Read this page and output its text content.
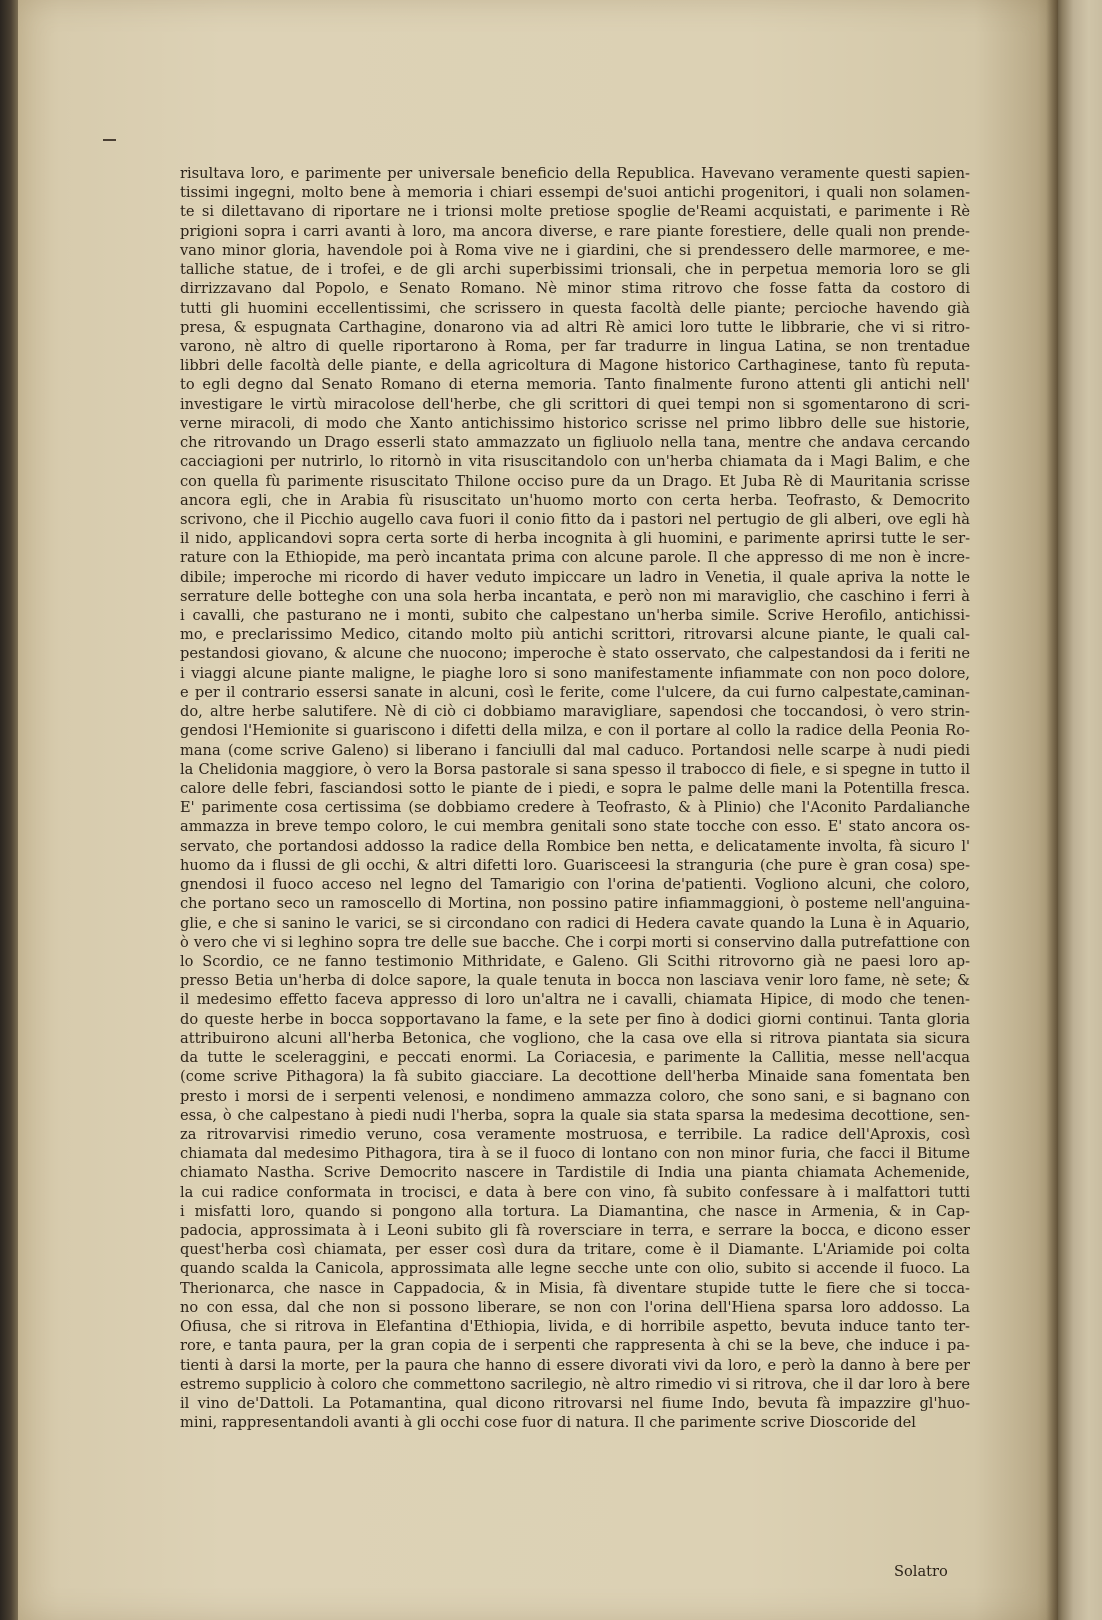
risultava loro, e parimente per universale beneficio della Republica. Havevano veramente questi sapien-
tissimi ingegni, molto bene à memoria i chiari essempi de'suoi antichi progenitori, i quali non solamen-
te si dilettavano di riportare ne i trionsi molte pretiose spoglie de'Reami acquistati, e parimente i Rè
prigioni sopra i carri avanti à loro, ma ancora diverse, e rare piante forestiere, delle quali non prende-
vano minor gloria, havendole poi à Roma vive ne i giardini, che si prendessero delle marmoree, e me-
talliche statue, de i trofei, e de gli archi superbissimi trionsali, che in perpetua memoria loro se gli
dirrizzavano dal Popolo, e Senato Romano. Nè minor stima ritrovo che fosse fatta da costoro di
tutti gli huomini eccellentissimi, che scrissero in questa facoltà delle piante; percioche havendo già
presa, & espugnata Carthagine, donarono via ad altri Rè amici loro tutte le libbrarie, che vi si ritro-
varono, nè altro di quelle riportarono à Roma, per far tradurre in lingua Latina, se non trentadue
libbri delle facoltà delle piante, e della agricoltura di Magone historico Carthaginese, tanto fù reputa-
to egli degno dal Senato Romano di eterna memoria. Tanto finalmente furono attenti gli antichi nell'
investigare le virtù miracolose dell'herbe, che gli scrittori di quei tempi non si sgomentarono di scri-
verne miracoli, di modo che Xanto antichissimo historico scrisse nel primo libbro delle sue historie,
che ritrovando un Drago esserli stato ammazzato un figliuolo nella tana, mentre che andava cercando
cacciagioni per nutrirlo, lo ritornò in vita risuscitandolo con un'herba chiamata da i Magi Balim, e che
con quella fù parimente risuscitato Thilone occiso pure da un Drago. Et Juba Rè di Mauritania scrisse
ancora egli, che in Arabia fù risuscitato un'huomo morto con certa herba. Teofrasto, & Democrito
scrivono, che il Picchio augello cava fuori il conio fitto da i pastori nel pertugio de gli alberi, ove egli hà
il nido, applicandovi sopra certa sorte di herba incognita à gli huomini, e parimente aprirsi tutte le ser-
rature con la Ethiopide, ma però incantata prima con alcune parole. Il che appresso di me non è incre-
dibile; imperoche mi ricordo di haver veduto impiccare un ladro in Venetia, il quale apriva la notte le
serrature delle botteghe con una sola herba incantata, e però non mi maraviglio, che caschino i ferri à
i cavalli, che pasturano ne i monti, subito che calpestano un'herba simile. Scrive Herofilo, antichissi-
mo, e preclarissimo Medico, citando molto più antichi scrittori, ritrovarsi alcune piante, le quali cal-
pestandosi giovano, & alcune che nuocono; imperoche è stato osservato, che calpestandosi da i feriti ne
i viaggi alcune piante maligne, le piaghe loro si sono manifestamente infiammate con non poco dolore,
e per il contrario essersi sanate in alcuni, così le ferite, come l'ulcere, da cui furno calpestate,caminan-
do, altre herbe salutifere. Nè di ciò ci dobbiamo maravigliare, sapendosi che toccandosi, ò vero strin-
gendosi l'Hemionite si guariscono i difetti della milza, e con il portare al collo la radice della Peonia Ro-
mana (come scrive Galeno) si liberano i fanciulli dal mal caduco. Portandosi nelle scarpe à nudi piedi
la Chelidonia maggiore, ò vero la Borsa pastorale si sana spesso il trabocco di fiele, e si spegne in tutto il
calore delle febri, fasciandosi sotto le piante de i piedi, e sopra le palme delle mani la Potentilla fresca.
E' parimente cosa certissima (se dobbiamo credere à Teofrasto, & à Plinio) che l'Aconito Pardalianche
ammazza in breve tempo coloro, le cui membra genitali sono state tocche con esso. E' stato ancora os-
servato, che portandosi addosso la radice della Rombice ben netta, e delicatamente involta, fà sicuro l'
huomo da i flussi de gli occhi, & altri difetti loro. Guarisceesi la stranguria (che pure è gran cosa) spe-
gnendosi il fuoco acceso nel legno del Tamarigio con l'orina de'patienti. Vogliono alcuni, che coloro,
che portano seco un ramoscello di Mortina, non possino patire infiammaggioni, ò posteme nell'anguina-
glie, e che si sanino le varici, se si circondano con radici di Hedera cavate quando la Luna è in Aquario,
ò vero che vi si leghino sopra tre delle sue bacche. Che i corpi morti si conservino dalla putrefattione con
lo Scordio, ce ne fanno testimonio Mithridate, e Galeno. Gli Scithi ritrovorno già ne paesi loro ap-
presso Betia un'herba di dolce sapore, la quale tenuta in bocca non lasciava venir loro fame, nè sete; &
il medesimo effetto faceva appresso di loro un'altra ne i cavalli, chiamata Hipice, di modo che tenen-
do queste herbe in bocca sopportavano la fame, e la sete per fino à dodici giorni continui. Tanta gloria
attribuirono alcuni all'herba Betonica, che vogliono, che la casa ove ella si ritrova piantata sia sicura
da tutte le sceleraggini, e peccati enormi. La Coriacesia, e parimente la Callitia, messe nell'acqua
(come scrive Pithagora) la fà subito giacciare. La decottione dell'herba Minaide sana fomentata ben
presto i morsi de i serpenti velenosi, e nondimeno ammazza coloro, che sono sani, e si bagnano con
essa, ò che calpestano à piedi nudi l'herba, sopra la quale sia stata sparsa la medesima decottione, sen-
za ritrovarvisi rimedio veruno, cosa veramente mostruosa, e terribile. La radice dell'Aproxis, così
chiamata dal medesimo Pithagora, tira à se il fuoco di lontano con non minor furia, che facci il Bitume
chiamato Nastha. Scrive Democrito nascere in Tardistile di India una pianta chiamata Achemenide,
la cui radice conformata in trocisci, e data à bere con vino, fà subito confessare à i malfattori tutti
i misfatti loro, quando si pongono alla tortura. La Diamantina, che nasce in Armenia, & in Cap-
padocia, approssimata à i Leoni subito gli fà roversciare in terra, e serrare la bocca, e dicono esser
quest'herba così chiamata, per esser così dura da tritare, come è il Diamante. L'Ariamide poi colta
quando scalda la Canicola, approssimata alle legne secche unte con olio, subito si accende il fuoco. La
Therionarca, che nasce in Cappadocia, & in Misia, fà diventare stupide tutte le fiere che si tocca-
no con essa, dal che non si possono liberare, se non con l'orina dell'Hiena sparsa loro addosso. La
Ofiusa, che si ritrova in Elefantina d'Ethiopia, livida, e di horribile aspetto, bevuta induce tanto ter-
rore, e tanta paura, per la gran copia de i serpenti che rappresenta à chi se la beve, che induce i pa-
tienti à darsi la morte, per la paura che hanno di essere divorati vivi da loro, e però la danno à bere per
estremo supplicio à coloro che commettono sacrilegio, nè altro rimedio vi si ritrova, che il dar loro à bere
il vino de'Dattoli. La Potamantina, qual dicono ritrovarsi nel fiume Indo, bevuta fà impazzire gl'huo-
mini, rappresentandoli avanti à gli occhi cose fuor di natura. Il che parimente scrive Dioscoride del
Solatro
